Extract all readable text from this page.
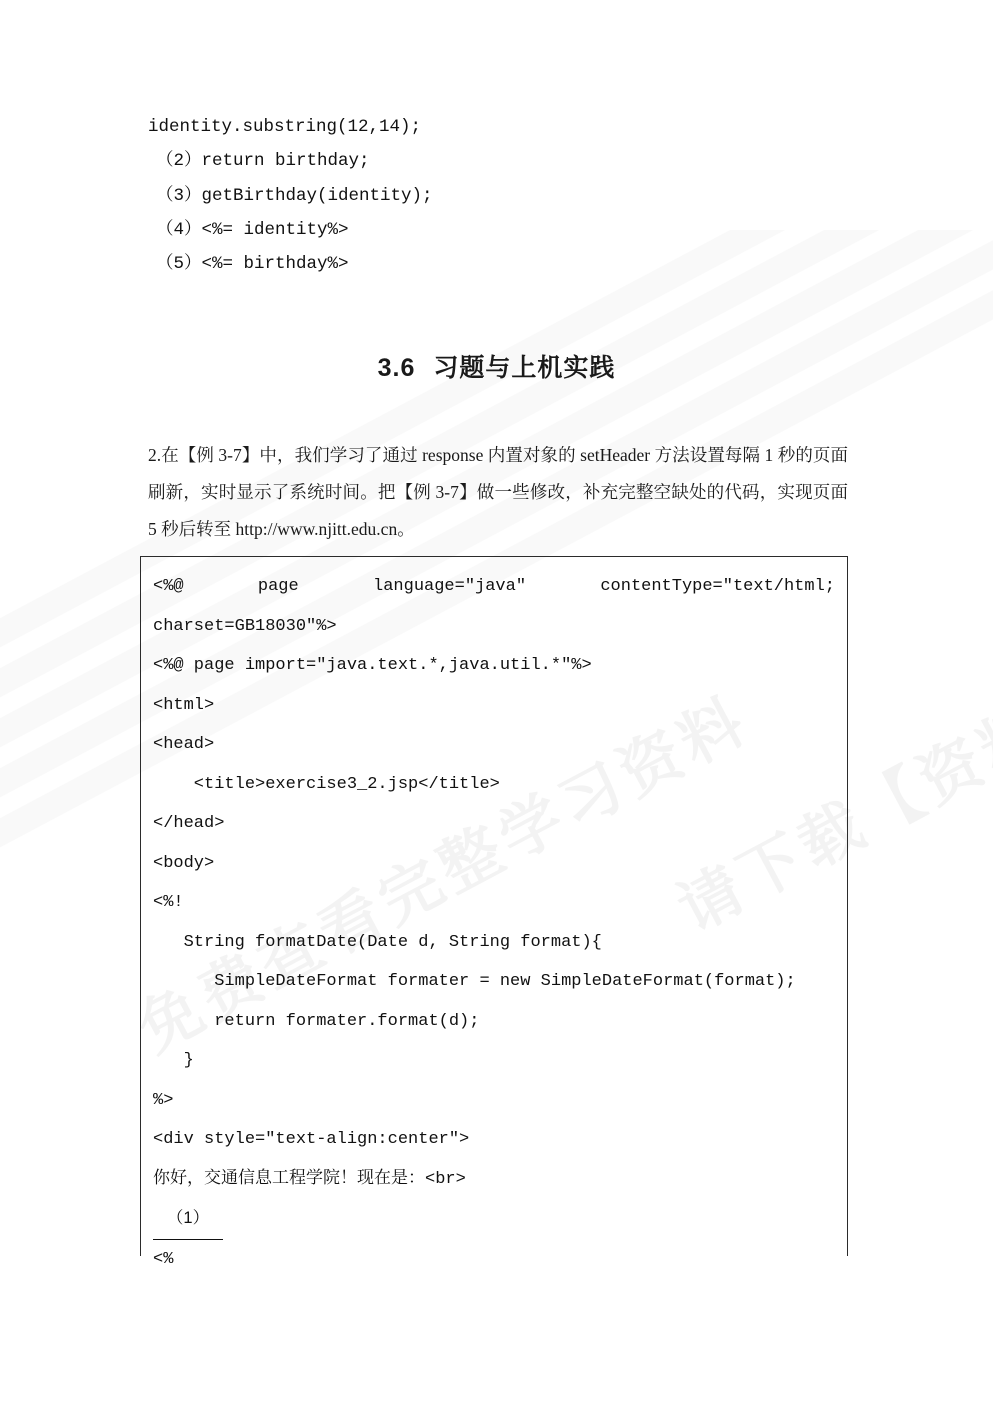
identity.substring(12,14);
（2）return birthday;
（3）getBirthday(identity);
（4）<%= identity%>
（5）<%= birthday%>
3.6 习题与上机实践
2.在【例 3-7】中，我们学习了通过 response 内置对象的 setHeader 方法设置每隔 1 秒的页面刷新，实时显示了系统时间。把【例 3-7】做一些修改，补充完整空缺处的代码，实现页面 5 秒后转至 http://www.njitt.edu.cn。
<%@	page	language="java"	contentType="text/html;
charset=GB18030"%>
<%@ page import="java.text.*,java.util.*"%>
<html>
<head>
<title>exercise3_2.jsp</title>
</head>
<body>
<%!
String formatDate(Date d, String format){
SimpleDateFormat formater = new SimpleDateFormat(format);
return formater.format(d);
}
%>
<div style="text-align:center">
你好，交通信息工程学院！现在是：<br>
（1）
<%
